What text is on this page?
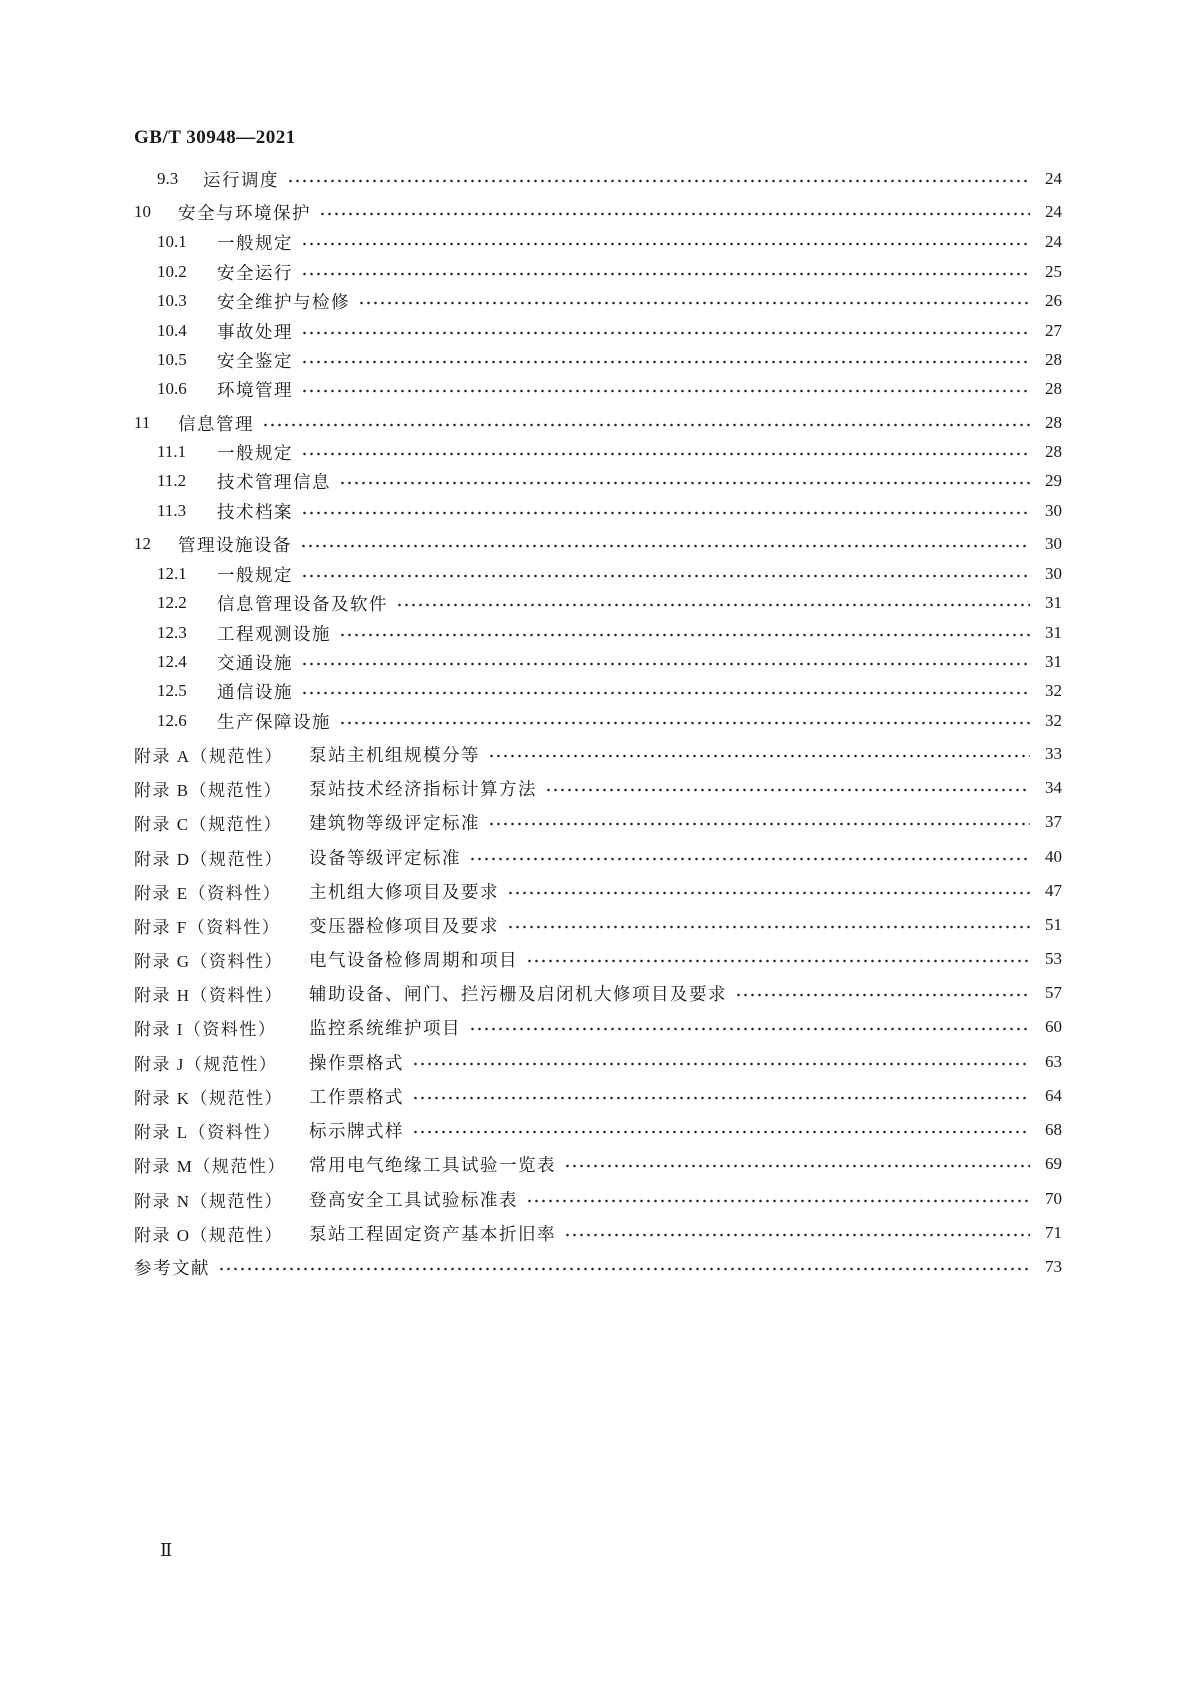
GB/T 30948—2021
9.3	运行调度	24
10	安全与环境保护	24
10.1	一般规定	24
10.2	安全运行	25
10.3	安全维护与检修	26
10.4	事故处理	27
10.5	安全鉴定	28
10.6	环境管理	28
11	信息管理	28
11.1	一般规定	28
11.2	技术管理信息	29
11.3	技术档案	30
12	管理设施设备	30
12.1	一般规定	30
12.2	信息管理设备及软件	31
12.3	工程观测设施	31
12.4	交通设施	31
12.5	通信设施	32
12.6	生产保障设施	32
附录 A（规范性）	泵站主机组规模分等	33
附录 B（规范性）	泵站技术经济指标计算方法	34
附录 C（规范性）	建筑物等级评定标准	37
附录 D（规范性）	设备等级评定标准	40
附录 E（资料性）	主机组大修项目及要求	47
附录 F（资料性）	变压器检修项目及要求	51
附录 G（资料性）	电气设备检修周期和项目	53
附录 H（资料性）	辅助设备、闸门、拦污栅及启闭机大修项目及要求	57
附录 I（资料性）	监控系统维护项目	60
附录 J（规范性）	操作票格式	63
附录 K（规范性）	工作票格式	64
附录 L（资料性）	标示牌式样	68
附录 M（规范性）	常用电气绝缘工具试验一览表	69
附录 N（规范性）	登高安全工具试验标准表	70
附录 O（规范性）	泵站工程固定资产基本折旧率	71
参考文献	73
Ⅱ
